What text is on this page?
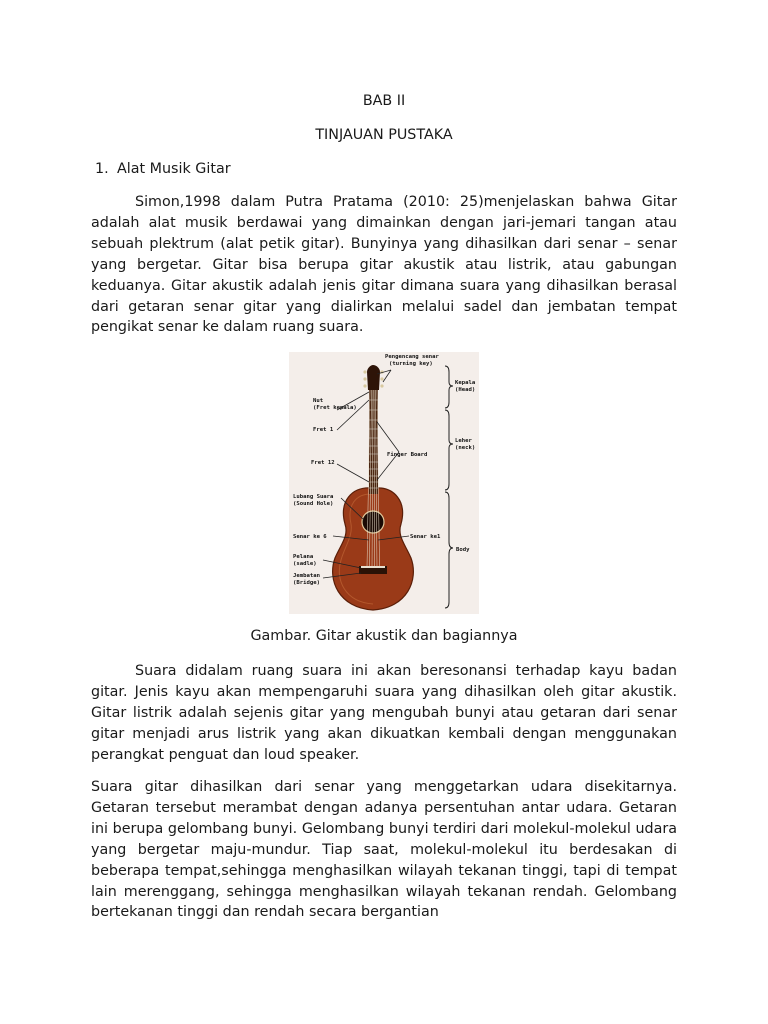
BAB II
TINJAUAN PUSTAKA
1. Alat Musik Gitar

Simon,1998 dalam Putra Pratama (2010: 25)menjelaskan bahwa Gitar adalah alat musik berdawai yang dimainkan dengan jari-jemari tangan atau sebuah plektrum (alat petik gitar). Bunyinya yang dihasilkan dari senar – senar yang bergetar. Gitar bisa berupa gitar akustik atau listrik, atau gabungan keduanya. Gitar akustik adalah jenis gitar dimana suara yang dihasilkan berasal dari getaran senar gitar yang dialirkan melalui sadel dan jembatan tempat pengikat senar ke dalam ruang suara.

Pengencang senar
(turning key)
Kepala
(Head)
Nut
(Fret kepala)
Fret 1
Leher
(neck)
Finger Board
Fret 12
Lubang Suara
(Sound Hole)
Senar ke 6	Senar ke1
Body
Pelana
(sadle)
Jembatan
(Bridge)
Gambar. Gitar akustik dan bagiannya

Suara didalam ruang suara ini akan beresonansi terhadap kayu badan gitar. Jenis kayu akan mempengaruhi suara yang dihasilkan oleh gitar akustik. Gitar listrik adalah sejenis gitar yang mengubah bunyi atau getaran dari senar gitar menjadi arus listrik yang akan dikuatkan kembali dengan menggunakan perangkat penguat dan loud speaker.

Suara gitar dihasilkan dari senar yang menggetarkan udara disekitarnya. Getaran tersebut merambat dengan adanya persentuhan antar udara. Getaran ini berupa gelombang bunyi. Gelombang bunyi terdiri dari molekul-molekul udara yang bergetar maju-mundur. Tiap saat, molekul-molekul itu berdesakan di beberapa tempat,sehingga menghasilkan wilayah tekanan tinggi, tapi di tempat lain merenggang, sehingga menghasilkan wilayah tekanan rendah. Gelombang bertekanan tinggi dan rendah secara bergantian
